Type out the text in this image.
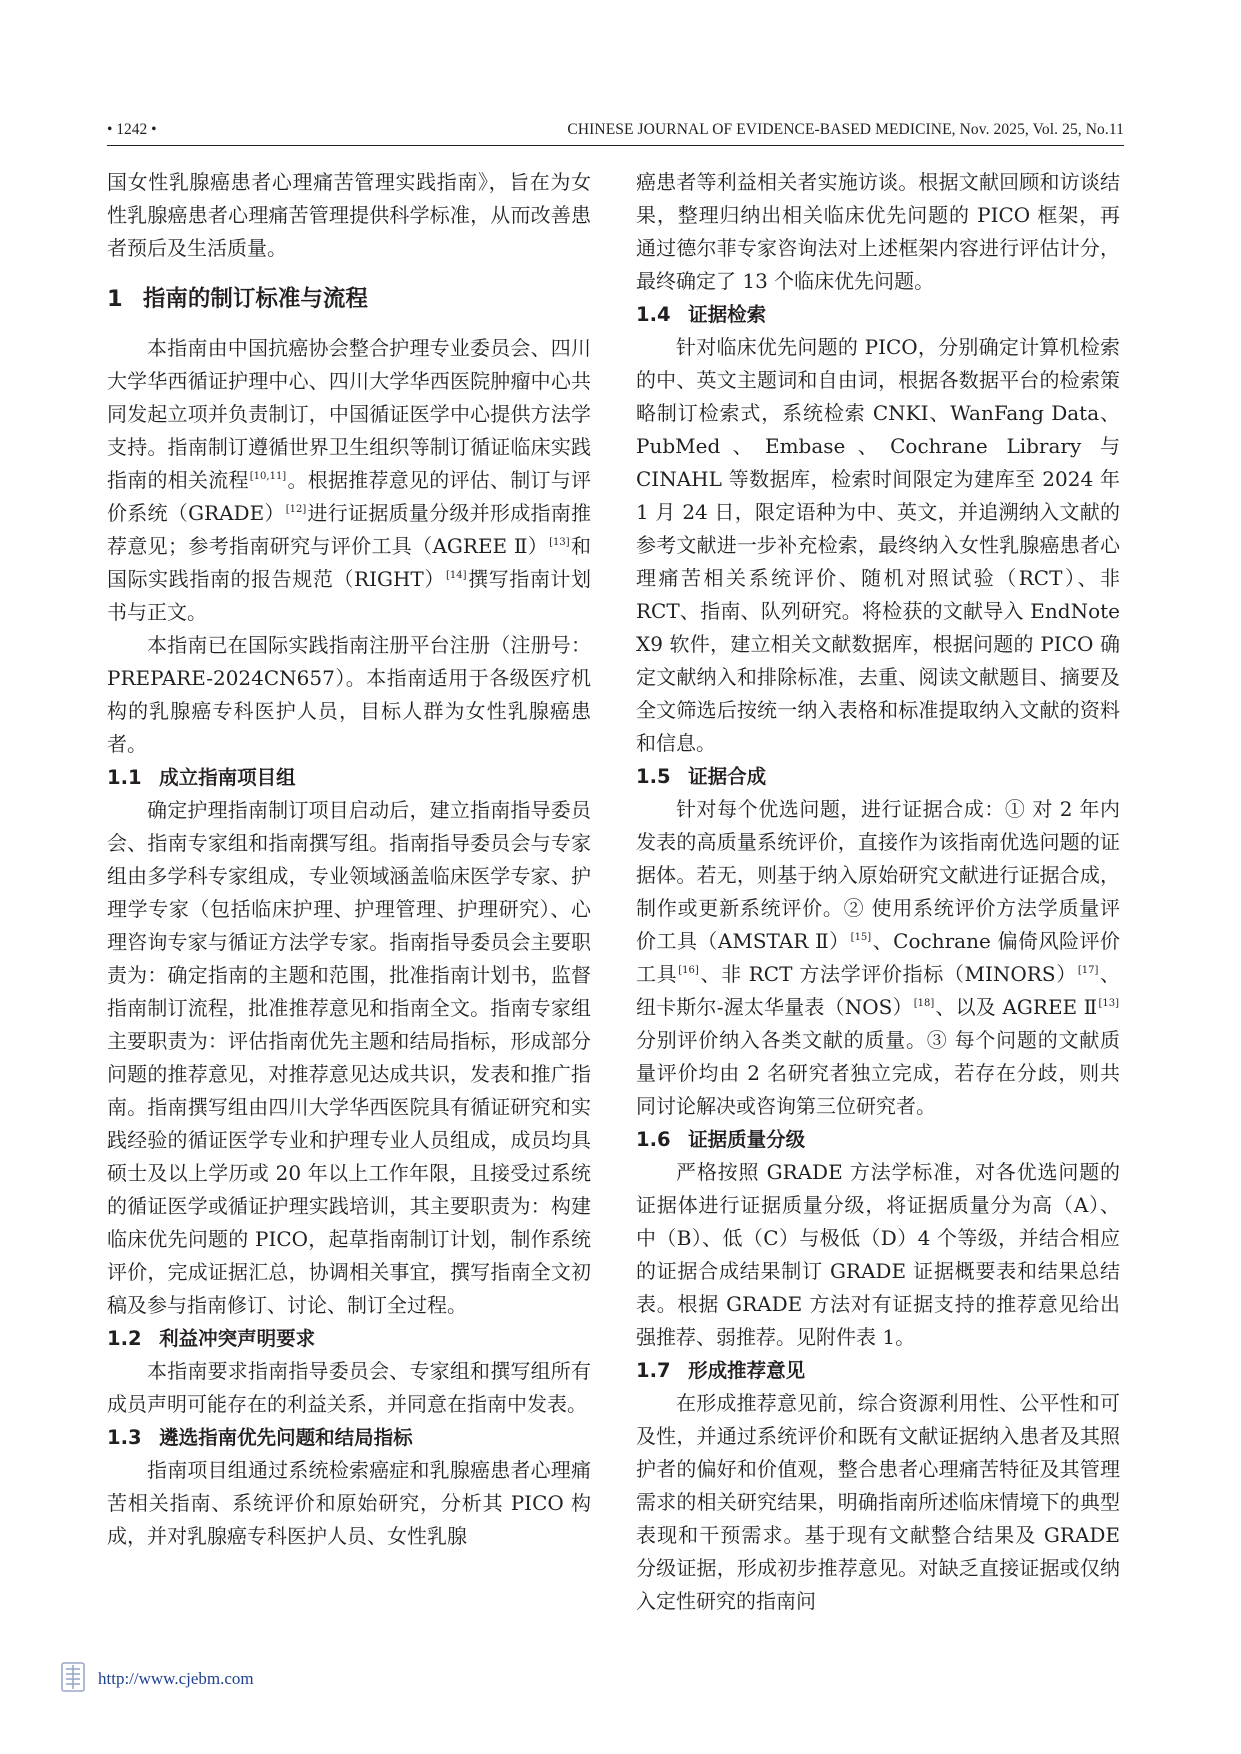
• 1242 •	CHINESE JOURNAL OF EVIDENCE-BASED MEDICINE, Nov. 2025, Vol. 25, No.11

国女性乳腺癌患者心理痛苦管理实践指南》，旨在为女性乳腺癌患者心理痛苦管理提供科学标准，从而改善患者预后及生活质量。

1 指南的制订标准与流程

本指南由中国抗癌协会整合护理专业委员会、四川大学华西循证护理中心、四川大学华西医院肿瘤中心共同发起立项并负责制订，中国循证医学中心提供方法学支持。指南制订遵循世界卫生组织等制订循证临床实践指南的相关流程[10,11]。根据推荐意见的评估、制订与评价系统（GRADE）[12]进行证据质量分级并形成指南推荐意见；参考指南研究与评价工具（AGREE Ⅱ）[13]和国际实践指南的报告规范（RIGHT）[14]撰写指南计划书与正文。

本指南已在国际实践指南注册平台注册（注册号：PREPARE-2024CN657）。本指南适用于各级医疗机构的乳腺癌专科医护人员，目标人群为女性乳腺癌患者。

1.1 成立指南项目组

确定护理指南制订项目启动后，建立指南指导委员会、指南专家组和指南撰写组。指南指导委员会与专家组由多学科专家组成，专业领域涵盖临床医学专家、护理学专家（包括临床护理、护理管理、护理研究）、心理咨询专家与循证方法学专家。指南指导委员会主要职责为：确定指南的主题和范围，批准指南计划书，监督指南制订流程，批准推荐意见和指南全文。指南专家组主要职责为：评估指南优先主题和结局指标，形成部分问题的推荐意见，对推荐意见达成共识，发表和推广指南。指南撰写组由四川大学华西医院具有循证研究和实践经验的循证医学专业和护理专业人员组成，成员均具硕士及以上学历或 20 年以上工作年限，且接受过系统的循证医学或循证护理实践培训，其主要职责为：构建临床优先问题的 PICO，起草指南制订计划，制作系统评价，完成证据汇总，协调相关事宜，撰写指南全文初稿及参与指南修订、讨论、制订全过程。

1.2 利益冲突声明要求

本指南要求指南指导委员会、专家组和撰写组所有成员声明可能存在的利益关系，并同意在指南中发表。

1.3 遴选指南优先问题和结局指标

指南项目组通过系统检索癌症和乳腺癌患者心理痛苦相关指南、系统评价和原始研究，分析其 PICO 构成，并对乳腺癌专科医护人员、女性乳腺

癌患者等利益相关者实施访谈。根据文献回顾和访谈结果，整理归纳出相关临床优先问题的 PICO 框架，再通过德尔菲专家咨询法对上述框架内容进行评估计分，最终确定了 13 个临床优先问题。

1.4 证据检索

针对临床优先问题的 PICO，分别确定计算机检索的中、英文主题词和自由词，根据各数据平台的检索策略制订检索式，系统检索 CNKI、WanFang Data、PubMed、Embase、Cochrane Library 与 CINAHL 等数据库，检索时间限定为建库至 2024 年 1 月 24 日，限定语种为中、英文，并追溯纳入文献的参考文献进一步补充检索，最终纳入女性乳腺癌患者心理痛苦相关系统评价、随机对照试验（RCT）、非 RCT、指南、队列研究。将检获的文献导入 EndNote X9 软件，建立相关文献数据库，根据问题的 PICO 确定文献纳入和排除标准，去重、阅读文献题目、摘要及全文筛选后按统一纳入表格和标准提取纳入文献的资料和信息。

1.5 证据合成

针对每个优选问题，进行证据合成：① 对 2 年内发表的高质量系统评价，直接作为该指南优选问题的证据体。若无，则基于纳入原始研究文献进行证据合成，制作或更新系统评价。② 使用系统评价方法学质量评价工具（AMSTAR Ⅱ）[15]、Cochrane 偏倚风险评价工具[16]、非 RCT 方法学评价指标（MINORS）[17]、纽卡斯尔-渥太华量表（NOS）[18]、以及 AGREE Ⅱ[13]分别评价纳入各类文献的质量。③ 每个问题的文献质量评价均由 2 名研究者独立完成，若存在分歧，则共同讨论解决或咨询第三位研究者。

1.6 证据质量分级

严格按照 GRADE 方法学标准，对各优选问题的证据体进行证据质量分级，将证据质量分为高（A）、中（B）、低（C）与极低（D）4 个等级，并结合相应的证据合成结果制订 GRADE 证据概要表和结果总结表。根据 GRADE 方法对有证据支持的推荐意见给出强推荐、弱推荐。见附件表 1。

1.7 形成推荐意见

在形成推荐意见前，综合资源利用性、公平性和可及性，并通过系统评价和既有文献证据纳入患者及其照护者的偏好和价值观，整合患者心理痛苦特征及其管理需求的相关研究结果，明确指南所述临床情境下的典型表现和干预需求。基于现有文献整合结果及 GRADE 分级证据，形成初步推荐意见。对缺乏直接证据或仅纳入定性研究的指南问

http://www.cjebm.com
